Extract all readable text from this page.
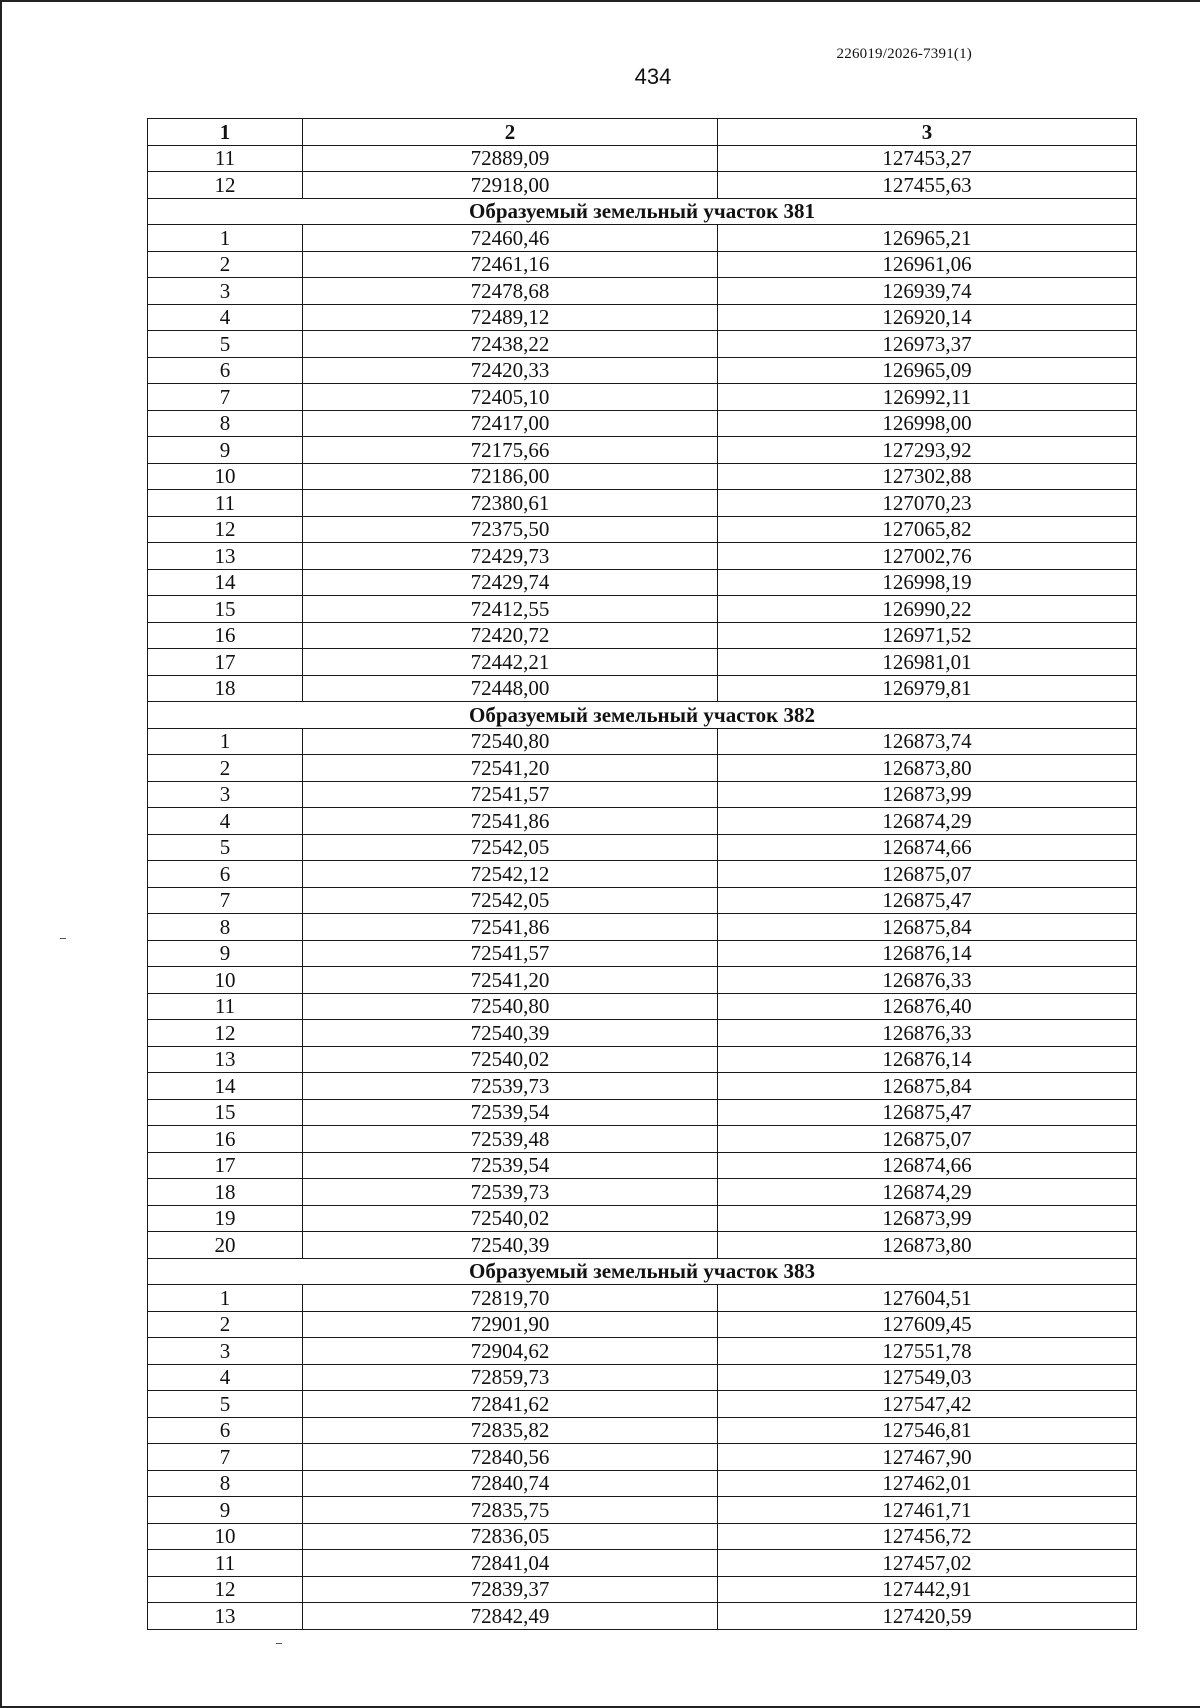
226019/2026-7391(1)
434
1	2	3
11	72889,09	127453,27
12	72918,00	127455,63
Образуемый земельный участок 381		
1	72460,46	126965,21
2	72461,16	126961,06
3	72478,68	126939,74
4	72489,12	126920,14
5	72438,22	126973,37
6	72420,33	126965,09
7	72405,10	126992,11
8	72417,00	126998,00
9	72175,66	127293,92
10	72186,00	127302,88
11	72380,61	127070,23
12	72375,50	127065,82
13	72429,73	127002,76
14	72429,74	126998,19
15	72412,55	126990,22
16	72420,72	126971,52
17	72442,21	126981,01
18	72448,00	126979,81
Образуемый земельный участок 382		
1	72540,80	126873,74
2	72541,20	126873,80
3	72541,57	126873,99
4	72541,86	126874,29
5	72542,05	126874,66
6	72542,12	126875,07
7	72542,05	126875,47
8	72541,86	126875,84
9	72541,57	126876,14
10	72541,20	126876,33
11	72540,80	126876,40
12	72540,39	126876,33
13	72540,02	126876,14
14	72539,73	126875,84
15	72539,54	126875,47
16	72539,48	126875,07
17	72539,54	126874,66
18	72539,73	126874,29
19	72540,02	126873,99
20	72540,39	126873,80
Образуемый земельный участок 383		
1	72819,70	127604,51
2	72901,90	127609,45
3	72904,62	127551,78
4	72859,73	127549,03
5	72841,62	127547,42
6	72835,82	127546,81
7	72840,56	127467,90
8	72840,74	127462,01
9	72835,75	127461,71
10	72836,05	127456,72
11	72841,04	127457,02
12	72839,37	127442,91
13	72842,49	127420,59
